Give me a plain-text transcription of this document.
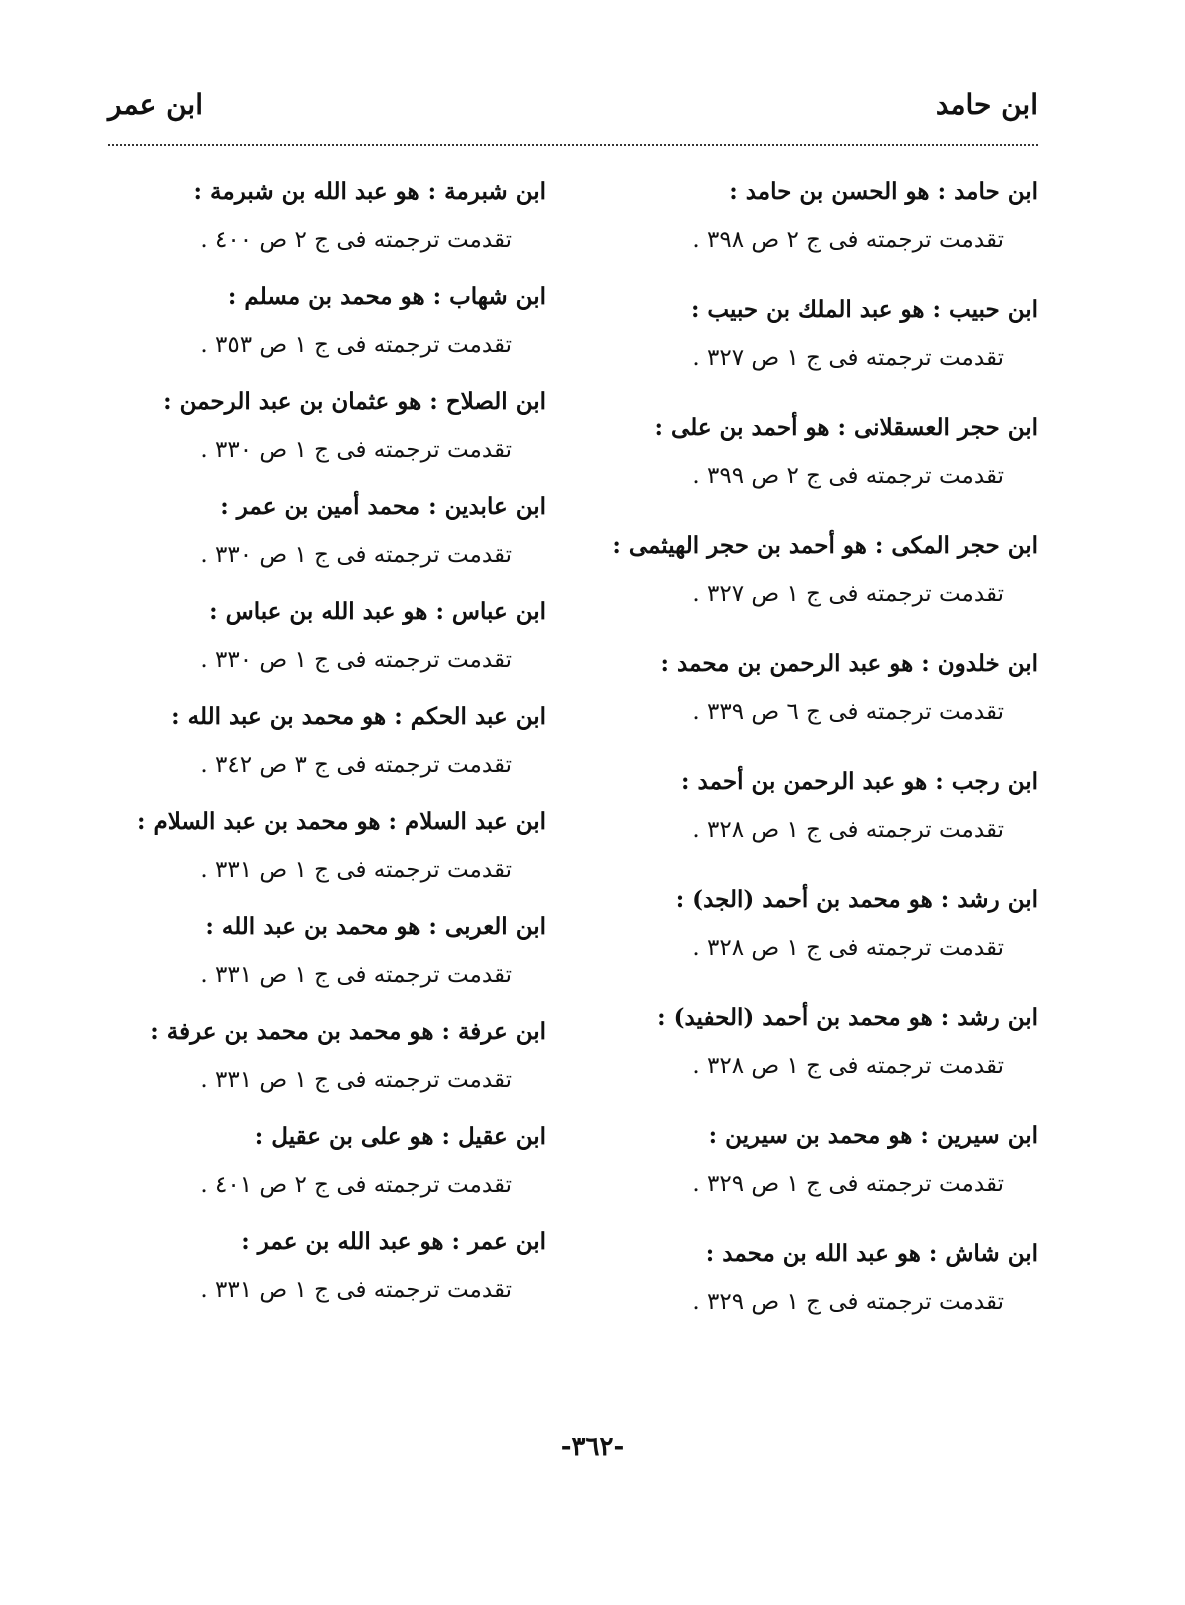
ابن حامد
ابن عمر
ابن حامد : هو الحسن بن حامد :
تقدمت ترجمته فى ج ٢ ص ٣٩٨ .
ابن حبيب : هو عبد الملك بن حبيب :
تقدمت ترجمته فى ج ١ ص ٣٢٧ .
ابن حجر العسقلانى : هو أحمد بن على :
تقدمت ترجمته فى ج ٢ ص ٣٩٩ .
ابن حجر المكى : هو أحمد بن حجر الهيثمى :
تقدمت ترجمته فى ج ١ ص ٣٢٧ .
ابن خلدون : هو عبد الرحمن بن محمد :
تقدمت ترجمته فى ج ٦ ص ٣٣٩ .
ابن رجب : هو عبد الرحمن بن أحمد :
تقدمت ترجمته فى ج ١ ص ٣٢٨ .
ابن رشد : هو محمد بن أحمد (الجد) :
تقدمت ترجمته فى ج ١ ص ٣٢٨ .
ابن رشد : هو محمد بن أحمد (الحفيد) :
تقدمت ترجمته فى ج ١ ص ٣٢٨ .
ابن سيرين : هو محمد بن سيرين :
تقدمت ترجمته فى ج ١ ص ٣٢٩ .
ابن شاش : هو عبد الله بن محمد :
تقدمت ترجمته فى ج ١ ص ٣٢٩ .
ابن شبرمة : هو عبد الله بن شبرمة :
تقدمت ترجمته فى ج ٢ ص ٤٠٠ .
ابن شهاب : هو محمد بن مسلم :
تقدمت ترجمته فى ج ١ ص ٣٥٣ .
ابن الصلاح : هو عثمان بن عبد الرحمن :
تقدمت ترجمته فى ج ١ ص ٣٣٠ .
ابن عابدين : محمد أمين بن عمر :
تقدمت ترجمته فى ج ١ ص ٣٣٠ .
ابن عباس : هو عبد الله بن عباس :
تقدمت ترجمته فى ج ١ ص ٣٣٠ .
ابن عبد الحكم : هو محمد بن عبد الله :
تقدمت ترجمته فى ج ٣ ص ٣٤٢ .
ابن عبد السلام : هو محمد بن عبد السلام :
تقدمت ترجمته فى ج ١ ص ٣٣١ .
ابن العربى : هو محمد بن عبد الله :
تقدمت ترجمته فى ج ١ ص ٣٣١ .
ابن عرفة : هو محمد بن محمد بن عرفة :
تقدمت ترجمته فى ج ١ ص ٣٣١ .
ابن عقيل : هو على بن عقيل :
تقدمت ترجمته فى ج ٢ ص ٤٠١ .
ابن عمر : هو عبد الله بن عمر :
تقدمت ترجمته فى ج ١ ص ٣٣١ .
-٣٦٢-
